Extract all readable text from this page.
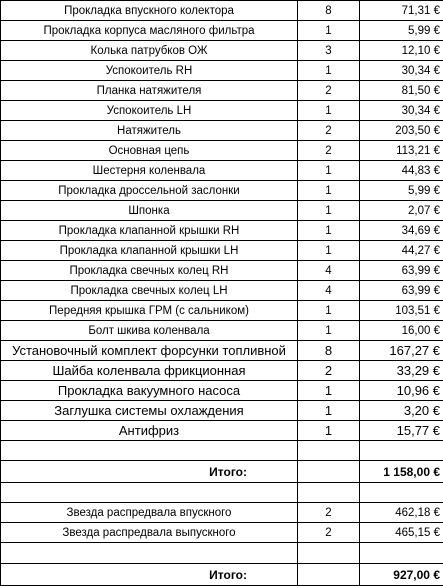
Прокладка впускного колектора	8	71,31 €
Прокладка корпуса масляного фильтра	1	5,99 €
Колька патрубков ОЖ	3	12,10 €
Успокоитель RH	1	30,34 €
Планка натяжителя	2	81,50 €
Успокоитель LH	1	30,34 €
Натяжитель	2	203,50 €
Основная цепь	2	113,21 €
Шестерня коленвала	1	44,83 €
Прокладка дроссельной заслонки	1	5,99 €
Шпонка	1	2,07 €
Прокладка клапанной крышки RH	1	34,69 €
Прокладка клапанной крышки LH	1	44,27 €
Прокладка свечных колец RH	4	63,99 €
Прокладка свечных колец LH	4	63,99 €
Передняя крышка ГРМ (с сальником)	1	103,51 €
Болт шкива коленвала	1	16,00 €
Установочный комплект форсунки топливной	8	167,27 €
Шайба коленвала фрикционная	2	33,29 €
Прокладка вакуумного насоса	1	10,96 €
Заглушка системы охлаждения	1	3,20 €
Антифриз	1	15,77 €

Итого:		1 158,00 €

Звезда распредвала впускного	2	462,18 €
Звезда распредвала выпускного	2	465,15 €

Итого:		927,00 €
